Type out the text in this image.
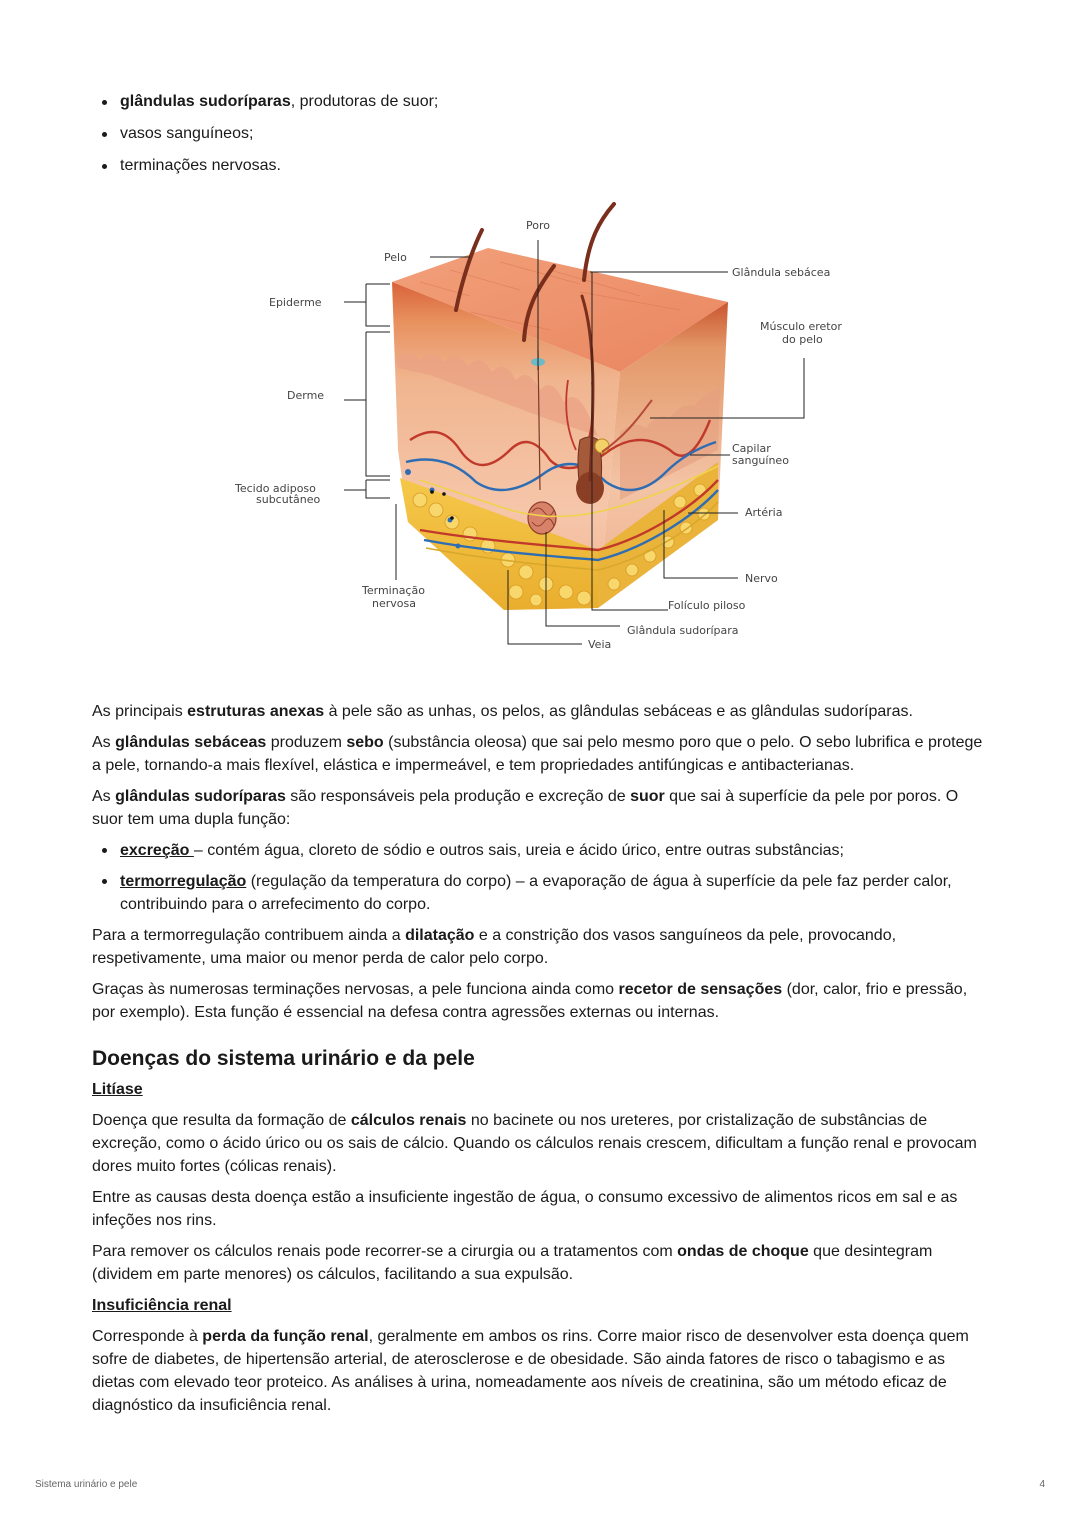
glândulas sudoríparas, produtoras de suor;
vasos sanguíneos;
terminações nervosas.
Poro
Pelo
Glândula sebácea
Epiderme
Músculo eretor
do pelo
Derme
Capilar
sanguíneo
Tecido adiposo
subcutâneo
Artéria
Nervo
Terminação
nervosa	Folículo piloso
Glândula sudorípara
Veia

As principais estruturas anexas à pele são as unhas, os pelos, as glândulas sebáceas e as glândulas sudoríparas.

As glândulas sebáceas produzem sebo (substância oleosa) que sai pelo mesmo poro que o pelo. O sebo lubrifica e protege a pele, tornando-a mais flexível, elástica e impermeável, e tem propriedades antifúngicas e antibacterianas.

As glândulas sudoríparas são responsáveis pela produção e excreção de suor que sai à superfície da pele por poros. O suor tem uma dupla função:

excreção – contém água, cloreto de sódio e outros sais, ureia e ácido úrico, entre outras substâncias;
termorregulação (regulação da temperatura do corpo) – a evaporação de água à superfície da pele faz perder calor, contribuindo para o arrefecimento do corpo.

Para a termorregulação contribuem ainda a dilatação e a constrição dos vasos sanguíneos da pele, provocando, respetivamente, uma maior ou menor perda de calor pelo corpo.

Graças às numerosas terminações nervosas, a pele funciona ainda como recetor de sensações (dor, calor, frio e pressão, por exemplo). Esta função é essencial na defesa contra agressões externas ou internas.

Doenças do sistema urinário e da pele
Litíase

Doença que resulta da formação de cálculos renais no bacinete ou nos ureteres, por cristalização de substâncias de excreção, como o ácido úrico ou os sais de cálcio. Quando os cálculos renais crescem, dificultam a função renal e provocam dores muito fortes (cólicas renais).

Entre as causas desta doença estão a insuficiente ingestão de água, o consumo excessivo de alimentos ricos em sal e as infeções nos rins.

Para remover os cálculos renais pode recorrer-se a cirurgia ou a tratamentos com ondas de choque que desintegram (dividem em parte menores) os cálculos, facilitando a sua expulsão.

Insuficiência renal

Corresponde à perda da função renal, geralmente em ambos os rins. Corre maior risco de desenvolver esta doença quem sofre de diabetes, de hipertensão arterial, de aterosclerose e de obesidade. São ainda fatores de risco o tabagismo e as dietas com elevado teor proteico. As análises à urina, nomeadamente aos níveis de creatinina, são um método eficaz de diagnóstico da insuficiência renal.

Sistema urinário e pele	4
